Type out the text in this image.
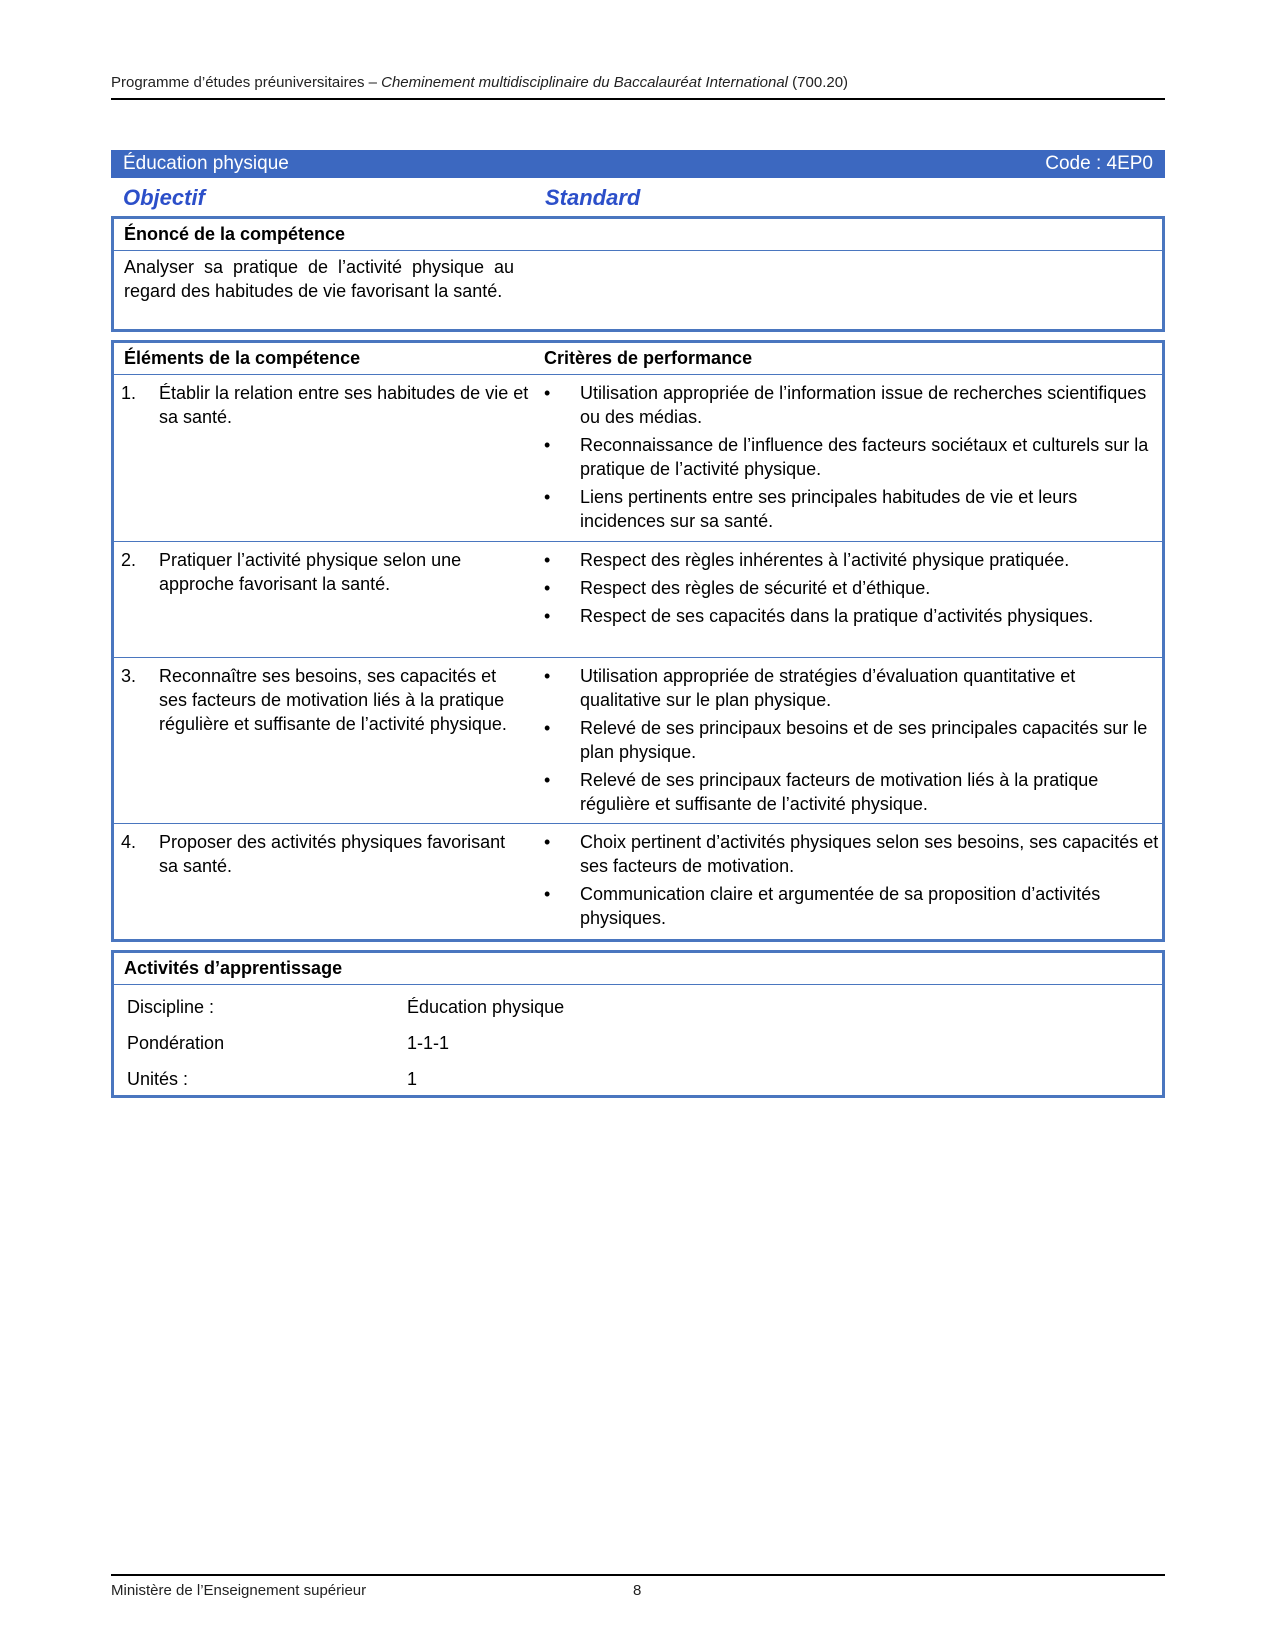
Programme d’études préuniversitaires – Cheminement multidisciplinaire du Baccalauréat International (700.20)
Éducation physique	Code : 4EP0
Objectif	Standard
Énoncé de la compétence
Analyser sa pratique de l’activité physique au regard des habitudes de vie favorisant la santé.
Éléments de la compétence	Critères de performance
1. Établir la relation entre ses habitudes de vie et sa santé.
•	Utilisation appropriée de l’information issue de recherches scientifiques ou des médias.
•	Reconnaissance de l’influence des facteurs sociétaux et culturels sur la pratique de l’activité physique.
•	Liens pertinents entre ses principales habitudes de vie et leurs incidences sur sa santé.
2. Pratiquer l’activité physique selon une approche favorisant la santé.
•	Respect des règles inhérentes à l’activité physique pratiquée.
•	Respect des règles de sécurité et d’éthique.
•	Respect de ses capacités dans la pratique d’activités physiques.
3. Reconnaître ses besoins, ses capacités et ses facteurs de motivation liés à la pratique régulière et suffisante de l’activité physique.
•	Utilisation appropriée de stratégies d’évaluation quantitative et qualitative sur le plan physique.
•	Relevé de ses principaux besoins et de ses principales capacités sur le plan physique.
•	Relevé de ses principaux facteurs de motivation liés à la pratique régulière et suffisante de l’activité physique.
4. Proposer des activités physiques favorisant sa santé.
•	Choix pertinent d’activités physiques selon ses besoins, ses capacités et ses facteurs de motivation.
•	Communication claire et argumentée de sa proposition d’activités physiques.
Activités d’apprentissage
Discipline :	Éducation physique
Pondération	1-1-1
Unités :	1
Ministère de l’Enseignement supérieur	8
